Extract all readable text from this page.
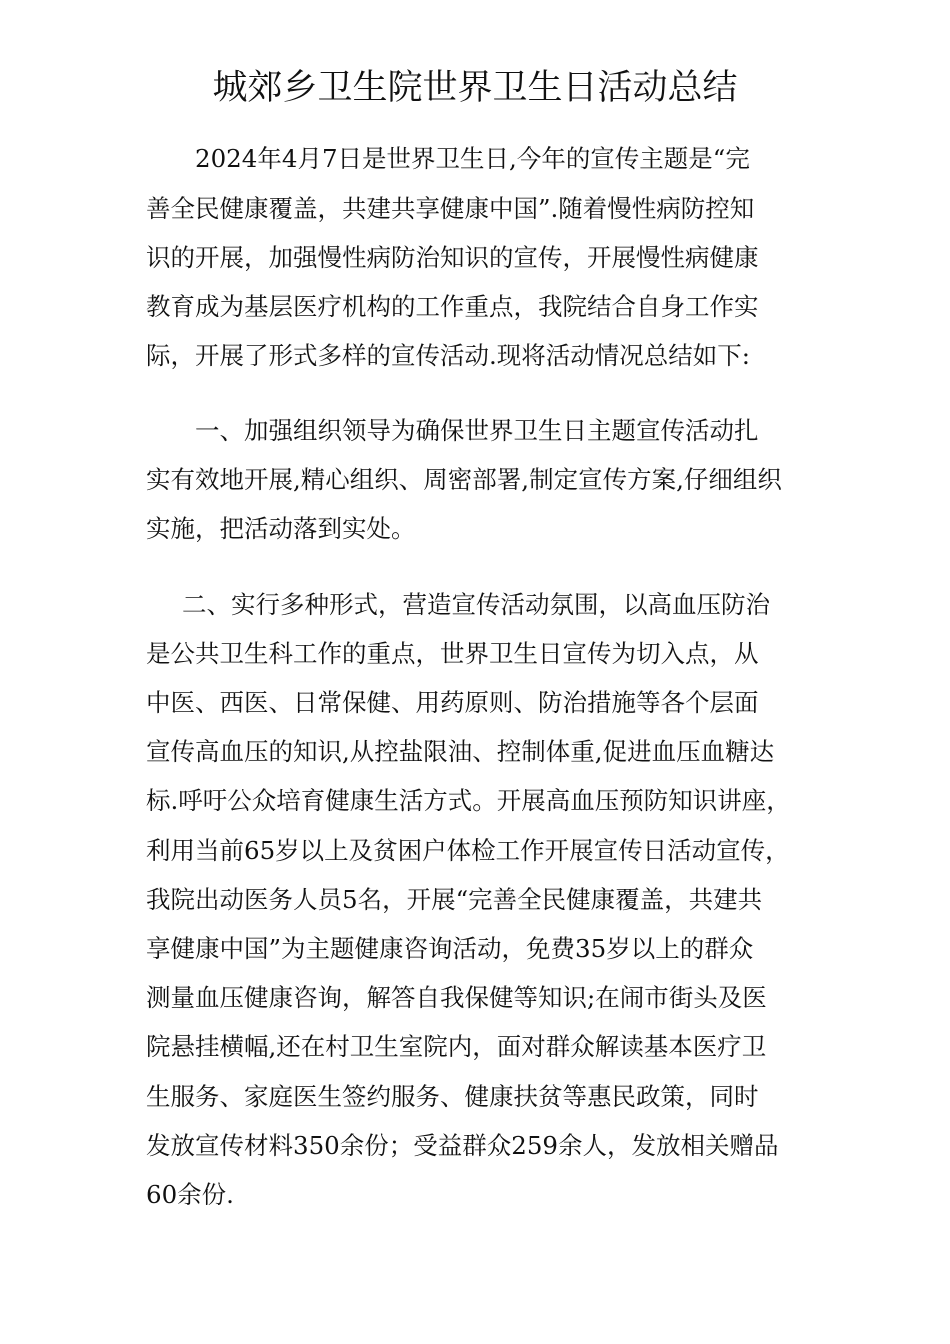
城郊乡卫生院世界卫生日活动总结
2024年4月7日是世界卫生日,今年的宣传主题是“完
善全民健康覆盖，共建共享健康中国”.随着慢性病防控知
识的开展，加强慢性病防治知识的宣传，开展慢性病健康
教育成为基层医疗机构的工作重点，我院结合自身工作实
际，开展了形式多样的宣传活动.现将活动情况总结如下:
一、加强组织领导为确保世界卫生日主题宣传活动扎
实有效地开展,精心组织、周密部署,制定宣传方案,仔细组织
实施，把活动落到实处。
二、实行多种形式，营造宣传活动氛围，以高血压防治
是公共卫生科工作的重点，世界卫生日宣传为切入点，从
中医、西医、日常保健、用药原则、防治措施等各个层面
宣传高血压的知识,从控盐限油、控制体重,促进血压血糖达
标.呼吁公众培育健康生活方式。开展高血压预防知识讲座，
利用当前65岁以上及贫困户体检工作开展宣传日活动宣传，
我院出动医务人员5名，开展“完善全民健康覆盖，共建共
享健康中国”为主题健康咨询活动，免费35岁以上的群众
测量血压健康咨询，解答自我保健等知识;在闹市街头及医
院悬挂横幅,还在村卫生室院内，面对群众解读基本医疗卫
生服务、家庭医生签约服务、健康扶贫等惠民政策，同时
发放宣传材料350余份；受益群众259余人，发放相关赠品
60余份.
